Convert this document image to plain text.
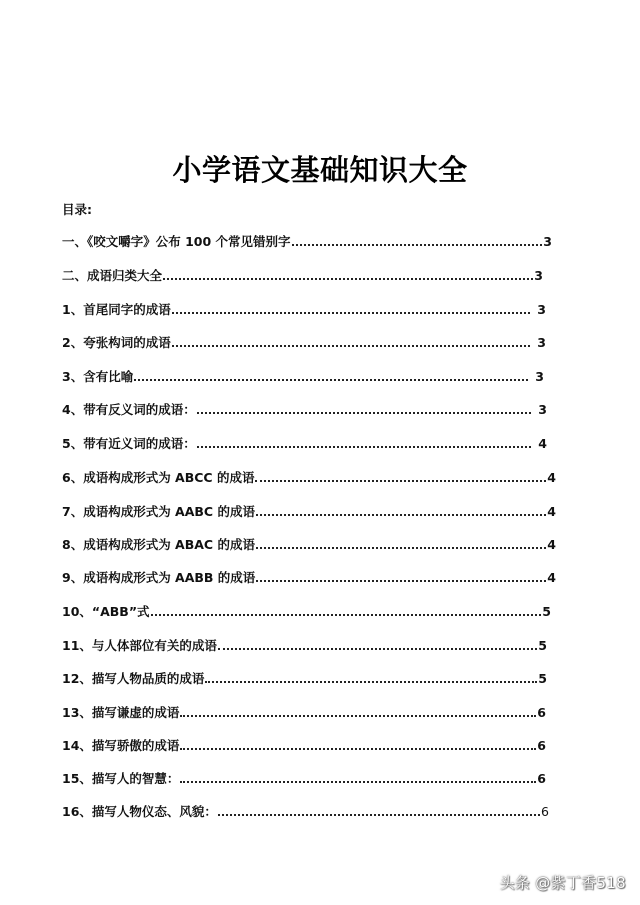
小学语文基础知识大全
目录:
一、《咬文嚼字》公布 100 个常见错别字	3
二、成语归类大全	3
1、首尾同字的成语	3
2、夸张构词的成语	3
3、含有比喻	3
4、带有反义词的成语：	3
5、带有近义词的成语：	4
6、成语构成形式为 ABCC 的成语	4
7、成语构成形式为 AABC 的成语	4
8、成语构成形式为 ABAC 的成语	4
9、成语构成形式为 AABB 的成语	4
10、“ABB”式	5
11、与人体部位有关的成语	5
12、描写人物品质的成语	5
13、描写谦虚的成语	6
14、描写骄傲的成语	6
15、描写人的智慧：	6
16、描写人物仪态、风貌：	6
头条 @紫丁香518
